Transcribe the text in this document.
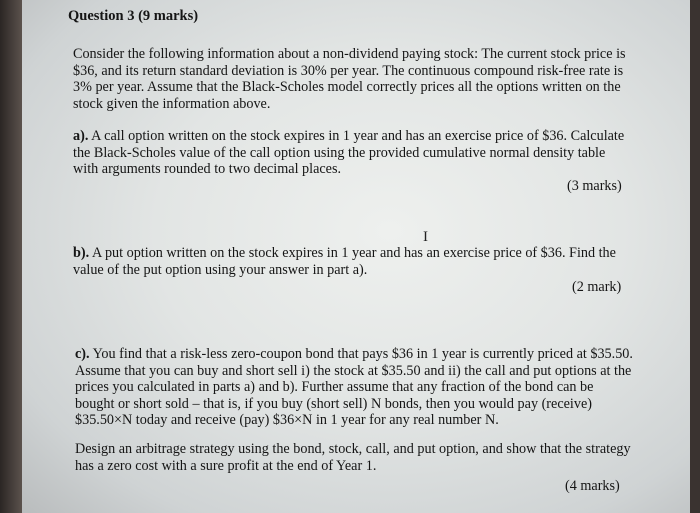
Question 3 (9 marks)
Consider the following information about a non-dividend paying stock: The current stock price is $36, and its return standard deviation is 30% per year. The continuous compound risk-free rate is 3% per year. Assume that the Black-Scholes model correctly prices all the options written on the stock given the information above.
a). A call option written on the stock expires in 1 year and has an exercise price of $36. Calculate the Black-Scholes value of the call option using the provided cumulative normal density table with arguments rounded to two decimal places.
(3 marks)
I
b). A put option written on the stock expires in 1 year and has an exercise price of $36. Find the value of the put option using your answer in part a).
(2 mark)
c). You find that a risk-less zero-coupon bond that pays $36 in 1 year is currently priced at $35.50. Assume that you can buy and short sell i) the stock at $35.50 and ii) the call and put options at the prices you calculated in parts a) and b). Further assume that any fraction of the bond can be bought or short sold – that is, if you buy (short sell) N bonds, then you would pay (receive) $35.50×N today and receive (pay) $36×N in 1 year for any real number N.
Design an arbitrage strategy using the bond, stock, call, and put option, and show that the strategy has a zero cost with a sure profit at the end of Year 1.
(4 marks)
